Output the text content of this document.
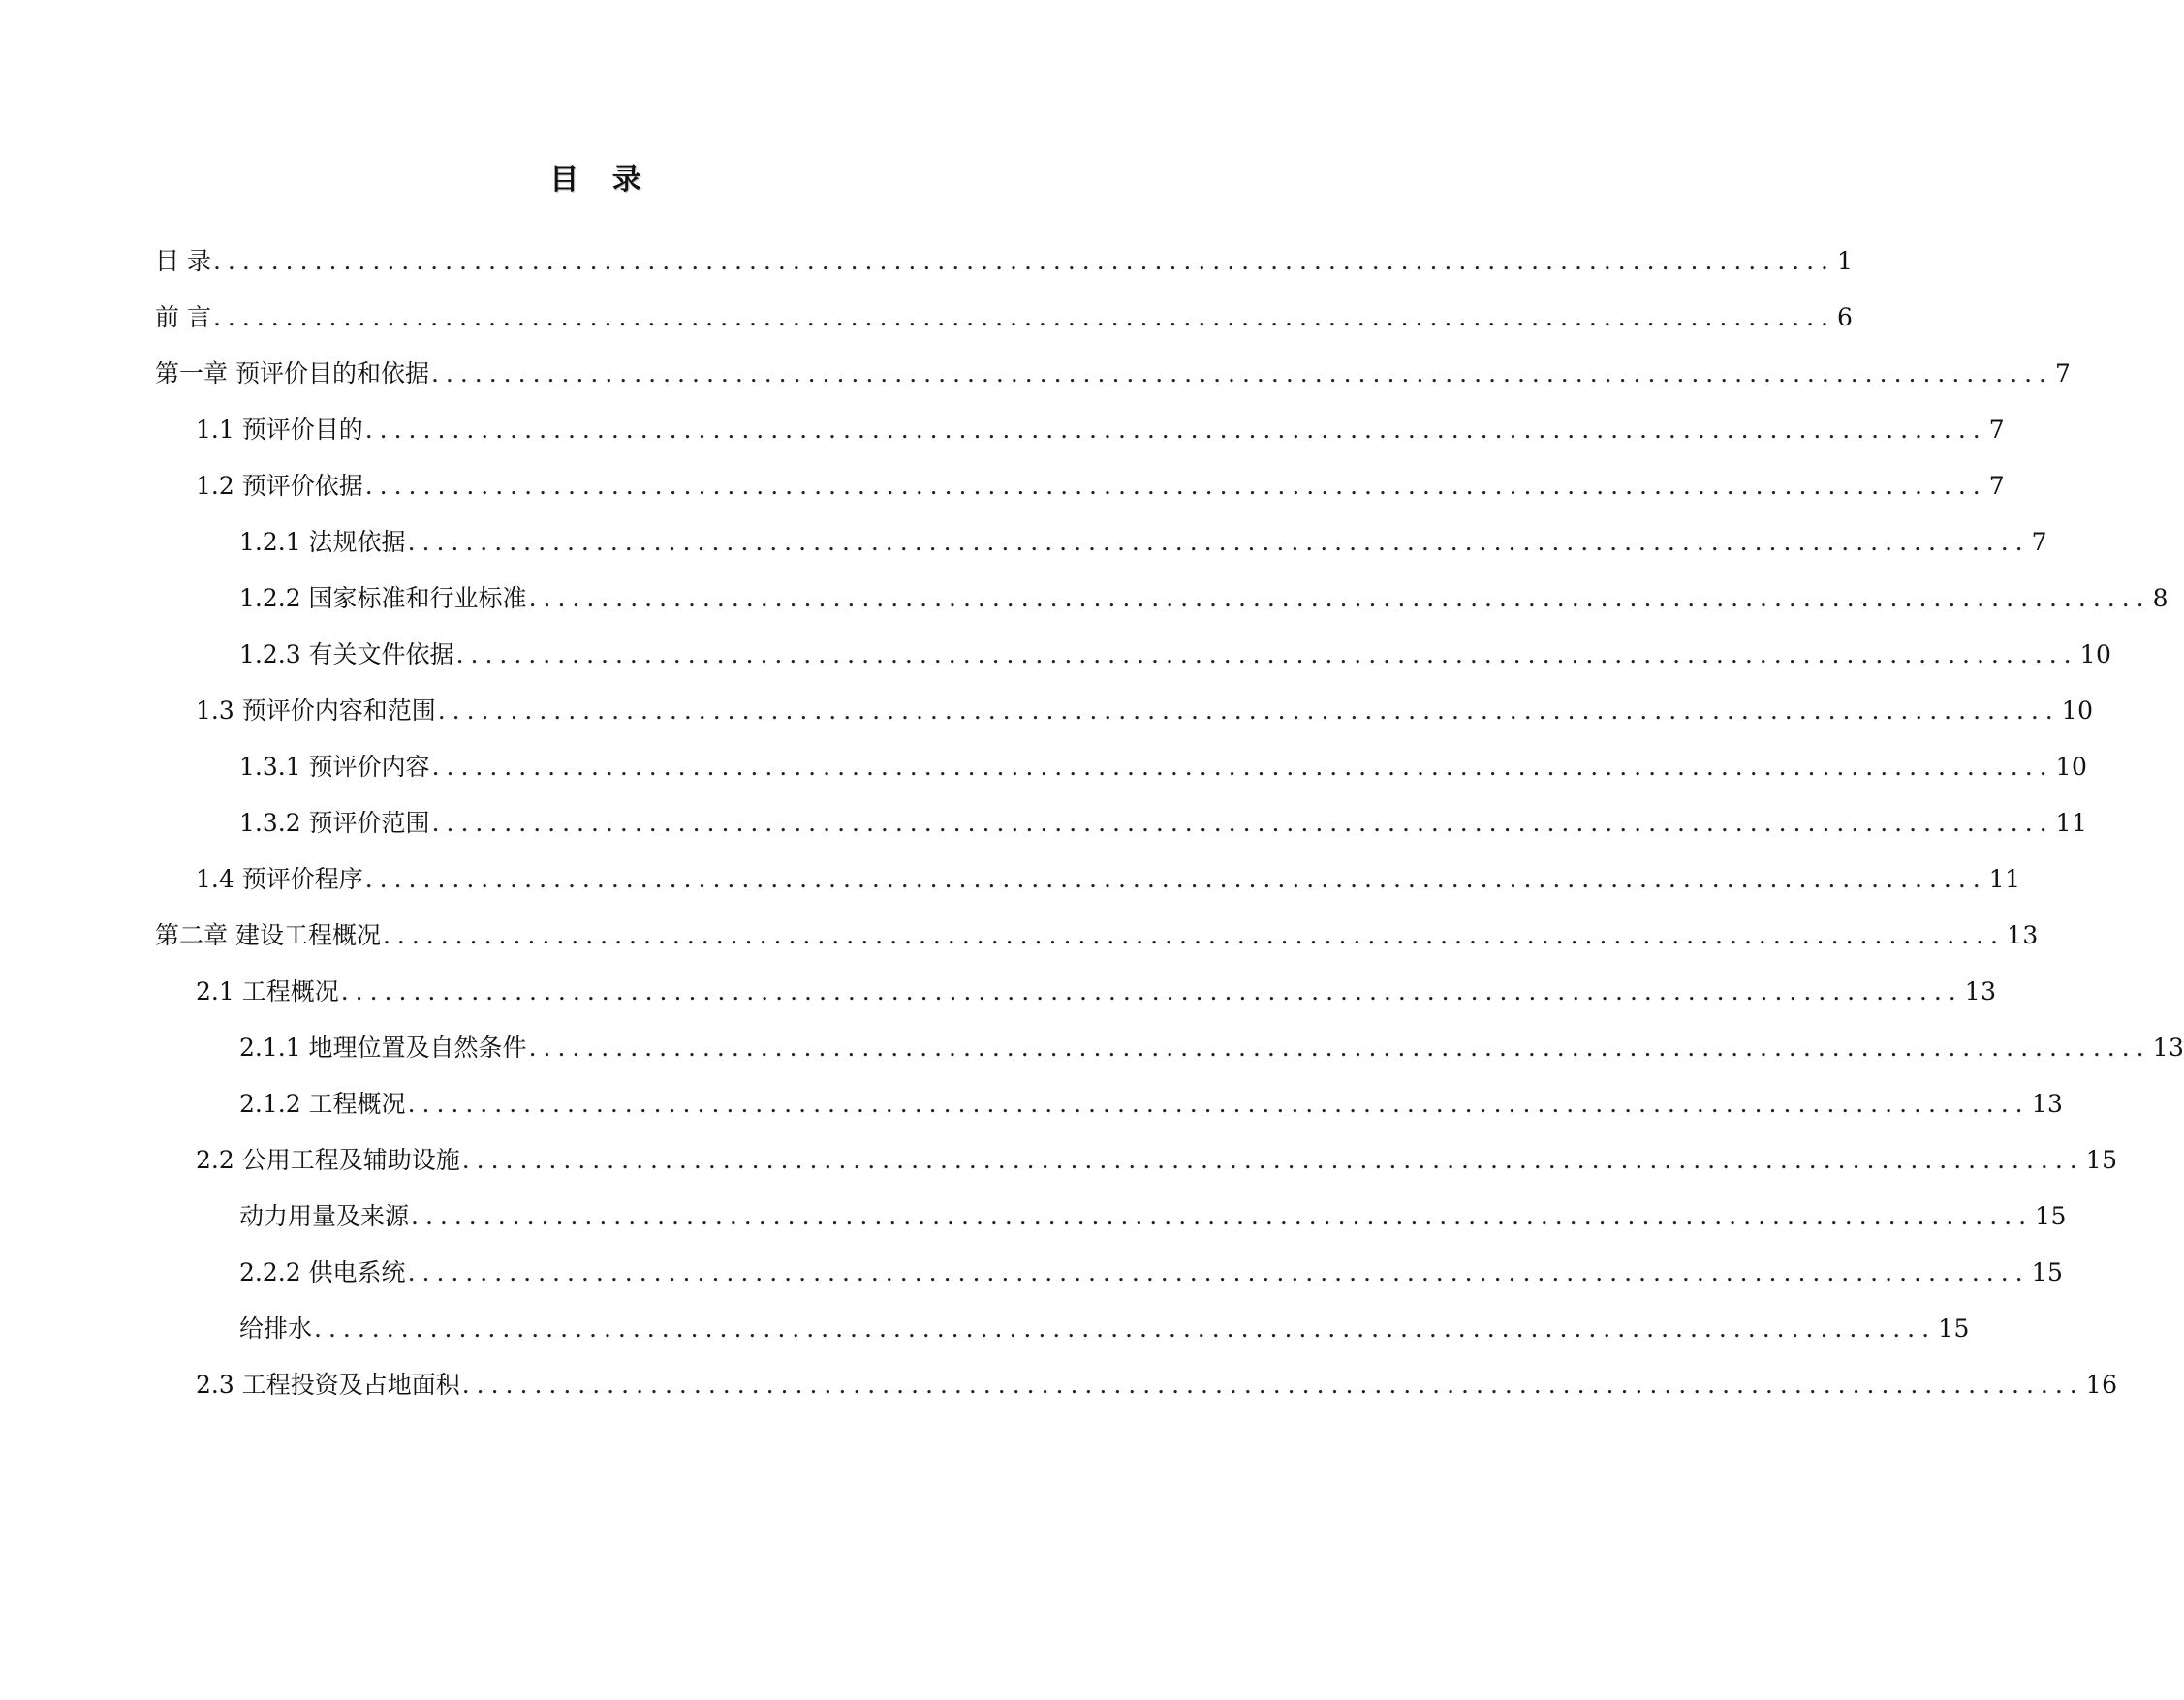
目 录
目 录 ................................................................................................................ 1
前 言 ................................................................................................................ 6
第一章 预评价目的和依据 ................................................................................................................ 7
1.1 预评价目的 ................................................................................................................ 7
1.2 预评价依据 ................................................................................................................ 7
1.2.1 法规依据 ................................................................................................................ 7
1.2.2 国家标准和行业标准 ................................................................................................................ 8
1.2.3 有关文件依据 ................................................................................................................ 10
1.3 预评价内容和范围 ................................................................................................................ 10
1.3.1 预评价内容 ................................................................................................................ 10
1.3.2 预评价范围 ................................................................................................................ 11
1.4 预评价程序 ................................................................................................................ 11
第二章 建设工程概况 ................................................................................................................ 13
2.1 工程概况 ................................................................................................................ 13
2.1.1 地理位置及自然条件 ................................................................................................................ 13
2.1.2 工程概况 ................................................................................................................ 13
2.2 公用工程及辅助设施 ................................................................................................................ 15
动力用量及来源 ................................................................................................................ 15
2.2.2 供电系统 ................................................................................................................ 15
给排水 ................................................................................................................ 15
2.3 工程投资及占地面积 ................................................................................................................ 16
